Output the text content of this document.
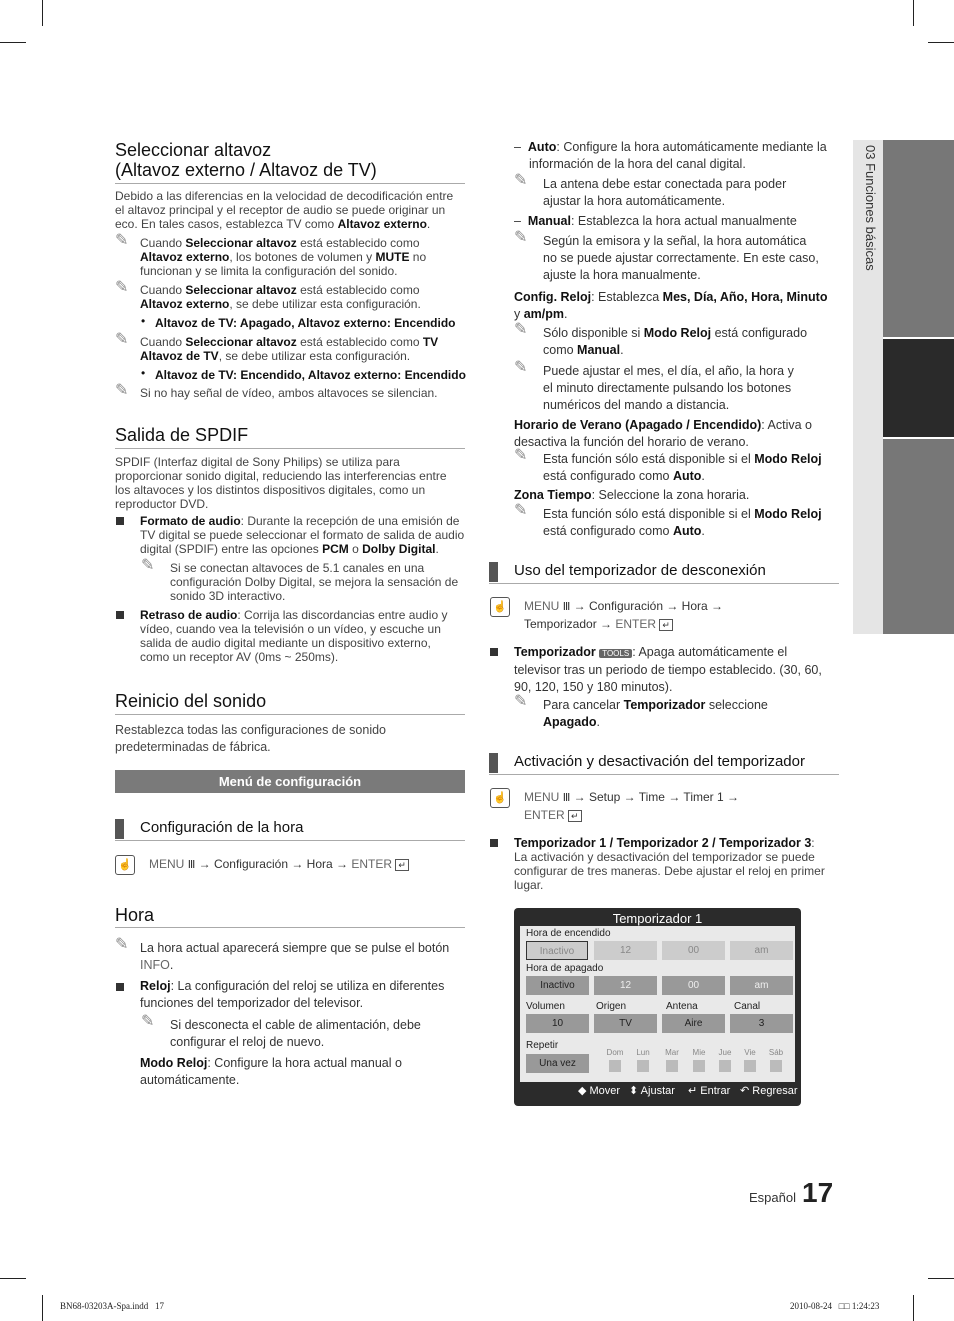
03 Funciones básicas
Seleccionar altavoz
(Altavoz externo / Altavoz de TV)
Debido a las diferencias en la velocidad de decodificación entre
el altavoz principal y el receptor de audio se puede originar un
eco. En tales casos, establezca TV como Altavoz externo.
✎ Cuando Seleccionar altavoz está establecido como
Altavoz externo, los botones de volumen y MUTE no
funcionan y se limita la configuración del sonido.
✎ Cuando Seleccionar altavoz está establecido como
Altavoz externo, se debe utilizar esta configuración.
• Altavoz de TV: Apagado, Altavoz externo: Encendido
✎ Cuando Seleccionar altavoz está establecido como TV
Altavoz de TV, se debe utilizar esta configuración.
• Altavoz de TV: Encendido, Altavoz externo: Encendido
✎ Si no hay señal de vídeo, ambos altavoces se silencian.
Salida de SPDIF
SPDIF (Interfaz digital de Sony Philips) se utiliza para
proporcionar sonido digital, reduciendo las interferencias entre
los altavoces y los distintos dispositivos digitales, como un
reproductor DVD.
Formato de audio: Durante la recepción de una emisión de
TV digital se puede seleccionar el formato de salida de audio
digital (SPDIF) entre las opciones PCM o Dolby Digital.
✎ Si se conectan altavoces de 5.1 canales en una
configuración Dolby Digital, se mejora la sensación de
sonido 3D interactivo.
Retraso de audio: Corrija las discordancias entre audio y
vídeo, cuando vea la televisión o un vídeo, y escuche un
salida de audio digital mediante un dispositivo externo,
como un receptor AV (0ms ~ 250ms).
Reinicio del sonido
Restablezca todas las configuraciones de sonido
predeterminadas de fábrica.
Menú de configuración
Configuración de la hora
☝ MENU Ⅲ → Configuración → Hora → ENTER ↵
Hora
✎ La hora actual aparecerá siempre que se pulse el botón
INFO.
Reloj: La configuración del reloj se utiliza en diferentes
funciones del temporizador del televisor.
✎ Si desconecta el cable de alimentación, debe
configurar el reloj de nuevo.
Modo Reloj: Configure la hora actual manual o
automáticamente.
–  Auto: Configure la hora automáticamente mediante la
información de la hora del canal digital.
✎ La antena debe estar conectada para poder
ajustar la hora automáticamente.
–  Manual: Establezca la hora actual manualmente
✎ Según la emisora y la señal, la hora automática
no se puede ajustar correctamente. En este caso,
ajuste la hora manualmente.
Config. Reloj: Establezca Mes, Día, Año, Hora, Minuto
y am/pm.
✎ Sólo disponible si Modo Reloj está configurado
como Manual.
✎ Puede ajustar el mes, el día, el año, la hora y
el minuto directamente pulsando los botones
numéricos del mando a distancia.
Horario de Verano (Apagado / Encendido): Activa o
desactiva la función del horario de verano.
✎ Esta función sólo está disponible si el Modo Reloj
está configurado como Auto.
Zona Tiempo: Seleccione la zona horaria.
✎ Esta función sólo está disponible si el Modo Reloj
está configurado como Auto.
Uso del temporizador de desconexión
☝ MENU Ⅲ → Configuración → Hora →
Temporizador → ENTER ↵
Temporizador TOOLS : Apaga automáticamente el
televisor tras un periodo de tiempo establecido. (30, 60,
90, 120, 150 y 180 minutos).
✎ Para cancelar Temporizador seleccione
Apagado.
Activación y desactivación del temporizador
☝ MENU Ⅲ → Setup → Time → Timer 1 →
ENTER ↵
Temporizador 1 / Temporizador 2 / Temporizador 3:
La activación y desactivación del temporizador se puede
configurar de tres maneras. Debe ajustar el reloj en primer
lugar.
Temporizador 1
Hora de encendido
Inactivo	12	00	am
Hora de apagado
Inactivo	12	00	am
Volumen	Origen	Antena	Canal
10	TV	Aire	3
Repetir
Una vez
Dom	Lun	Mar	Mie	Jue	Vie	Sáb
◆ Mover ⬍ Ajustar ↵ Entrar ↶ Regresar
Español 17
BN68-03203A-Spa.indd   17	2010-08-24   □□ 1:24:23
